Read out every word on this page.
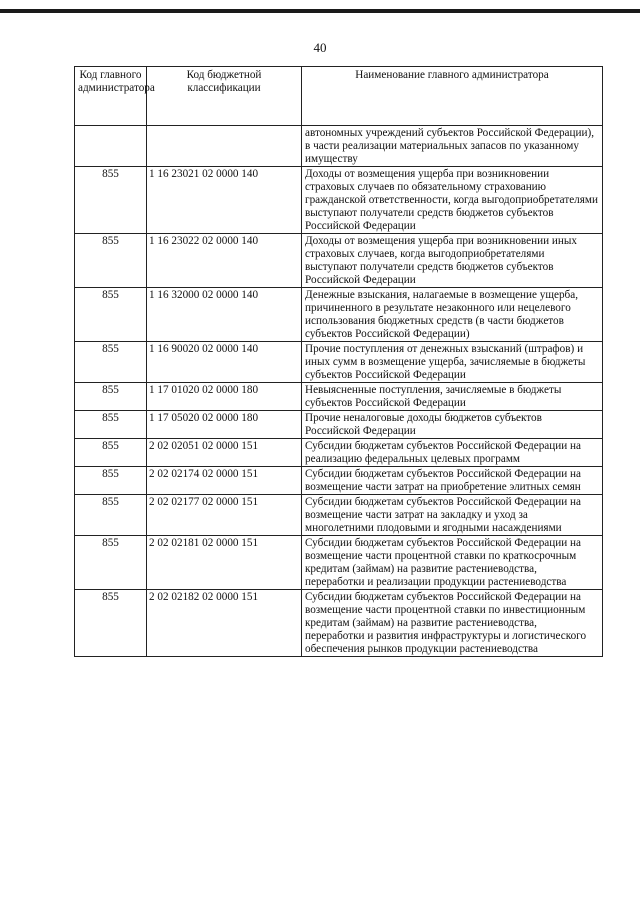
40
Код главного администратора	Код бюджетной классификации	Наименование главного администратора
		автономных учреждений субъектов Российской Федерации), в части реализации материальных запасов по указанному имуществу
855	1 16 23021 02 0000 140	Доходы от возмещения ущерба при возникновении страховых случаев по обязательному страхованию гражданской ответственности, когда выгодоприобретателями выступают получатели средств бюджетов субъектов Российской Федерации
855	1 16 23022 02 0000 140	Доходы от возмещения ущерба при возникновении иных страховых случаев, когда выгодоприобретателями выступают получатели средств бюджетов субъектов Российской Федерации
855	1 16 32000 02 0000 140	Денежные взыскания, налагаемые в возмещение ущерба, причиненного в результате незаконного или нецелевого использования бюджетных средств (в части бюджетов субъектов Российской Федерации)
855	1 16 90020 02 0000 140	Прочие поступления от денежных взысканий (штрафов) и иных сумм в возмещение ущерба, зачисляемые в бюджеты субъектов Российской Федерации
855	1 17 01020 02 0000 180	Невыясненные поступления, зачисляемые в бюджеты субъектов Российской Федерации
855	1 17 05020 02 0000 180	Прочие неналоговые доходы бюджетов субъектов Российской Федерации
855	2 02 02051 02 0000 151	Субсидии бюджетам субъектов Российской Федерации на реализацию федеральных целевых программ
855	2 02 02174 02 0000 151	Субсидии бюджетам субъектов Российской Федерации на возмещение части затрат на приобретение элитных семян
855	2 02 02177 02 0000 151	Субсидии бюджетам субъектов Российской Федерации на возмещение части затрат на закладку и уход за многолетними плодовыми и ягодными насаждениями
855	2 02 02181 02 0000 151	Субсидии бюджетам субъектов Российской Федерации на возмещение части процентной ставки по краткосрочным кредитам (займам) на развитие растениеводства, переработки и реализации продукции растениеводства
855	2 02 02182 02 0000 151	Субсидии бюджетам субъектов Российской Федерации на возмещение части процентной ставки по инвестиционным кредитам (займам) на развитие растениеводства, переработки и развития инфраструктуры и логистического обеспечения рынков продукции растениеводства
